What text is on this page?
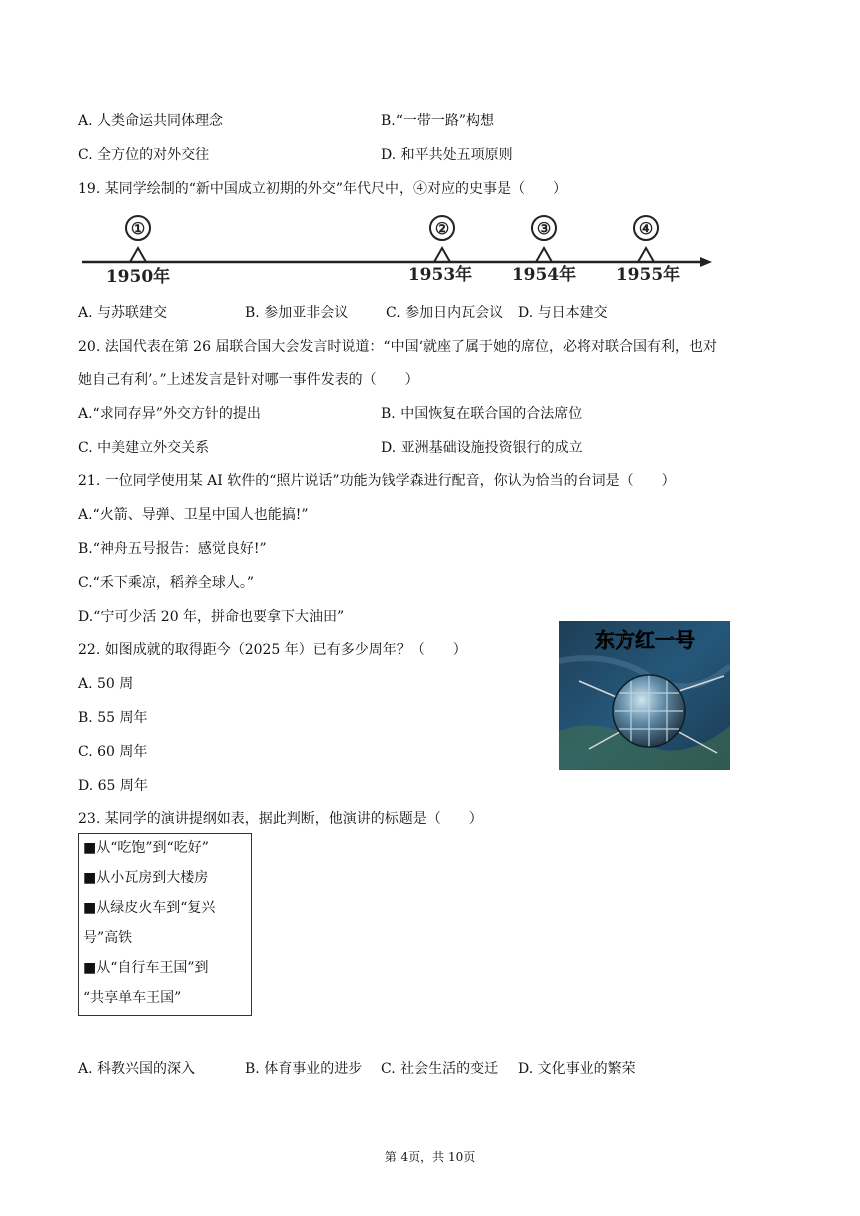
A. 人类命运共同体理念	B.“一带一路”构想
C. 全方位的对外交往	D. 和平共处五项原则
19. 某同学绘制的“新中国成立初期的外交”年代尺中，④对应的史事是（　　）
①
1950年
②
1953年
③
1954年
④
1955年
A. 与苏联建交	B. 参加亚非会议	C. 参加日内瓦会议 D. 与日本建交
20. 法国代表在第 26 届联合国大会发言时说道：“中国‘就座了属于她的席位，必将对联合国有利，也对
她自己有利’。”上述发言是针对哪一事件发表的（　　）
A.“求同存异”外交方针的提出	B. 中国恢复在联合国的合法席位
C. 中美建立外交关系	D. 亚洲基础设施投资银行的成立
21. 一位同学使用某 AI 软件的“照片说话”功能为钱学森进行配音，你认为恰当的台词是（　　）
A.“火箭、导弹、卫星中国人也能搞!”
B.“神舟五号报告：感觉良好!”
C.“禾下乘凉，稻养全球人。”
D.“宁可少活 20 年，拼命也要拿下大油田”
22. 如图成就的取得距今（2025 年）已有多少周年？（　　）
A. 50 周
B. 55 周年
C. 60 周年
D. 65 周年
东方红一号
23. 某同学的演讲提纲如表，据此判断，他演讲的标题是（　　）
■从“吃饱”到“吃好”
■从小瓦房到大楼房
■从绿皮火车到“复兴
号”高铁
■从“自行车王国”到
“共享单车王国”
A. 科教兴国的深入	B. 体育事业的进步 C. 社会生活的变迁 D. 文化事业的繁荣
第 4页，共 10页
